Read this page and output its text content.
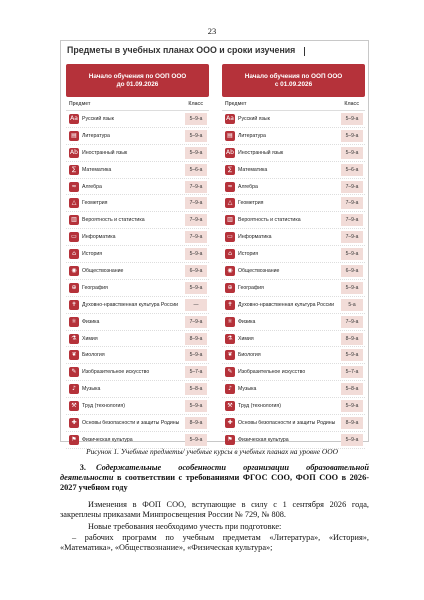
23
Предметы в учебных планах ООО и сроки изучения
Начало обучения по ООП ООО
до 01.09.2026
Предмет	Класс
Аа Русский язык	5–9-а
▤ Литература	5–9-а
Ab Иностранный язык	5–9-а
∑	Математика	5–6-а
≈	Алгебра	7–9-а
△	Геометрия	7–9-а
▥ Вероятность и статистика	7–9-а
▭ Информатика	7–9-а
⌂	История	5–9-а
◉	Обществознание	6–9-а
⊕	География	5–9-а
✝	Духовно-нравственная культура России	—
⚛	Физика	7–9-а
⚗	Химия	8–9-а
❦	Биология	5–9-а
✎	Изобразительное искусство	5–7-а
♪	Музыка	5–8-а
⚒	Труд (технология)	5–9-а
✚	Основы безопасности и защиты Родины	8–9-а
⚑	Физическая культура	5–9-а
Начало обучения по ООП ООО
с 01.09.2026
Предмет	Класс
Аа Русский язык	5–9-а
▤ Литература	5–9-а
Ab Иностранный язык	5–9-а
∑	Математика	5–6-а
≈	Алгебра	7–9-а
△	Геометрия	7–9-а
▥ Вероятность и статистика	7–9-а
▭ Информатика	7–9-а
⌂	История	5–9-а
◉	Обществознание	6–9-а
⊕	География	5–9-а
✝	Духовно-нравственная культура России	5-а
⚛	Физика	7–9-а
⚗	Химия	8–9-а
❦	Биология	5–9-а
✎	Изобразительное искусство	5–7-а
♪	Музыка	5–8-а
⚒	Труд (технология)	5–9-а
✚	Основы безопасности и защиты Родины	8–9-а
⚑	Физическая культура	5–9-а
Рисунок 1. Учебные предметы/ учебные курсы в учебных планах на уровне ООО
3. Содержательные особенности организации образовательной деятельности в соответствии с требованиями ФГОС СОО, ФОП СОО в 2026-2027 учебном году
Изменения в ФОП СОО, вступающие в силу с 1 сентября 2026 года, закреплены приказами Минпросвещения России № 729, № 808.
Новые требования необходимо учесть при подготовке:
– рабочих программ по учебным предметам «Литература», «История», «Математика», «Обществознание», «Физическая культура»;
